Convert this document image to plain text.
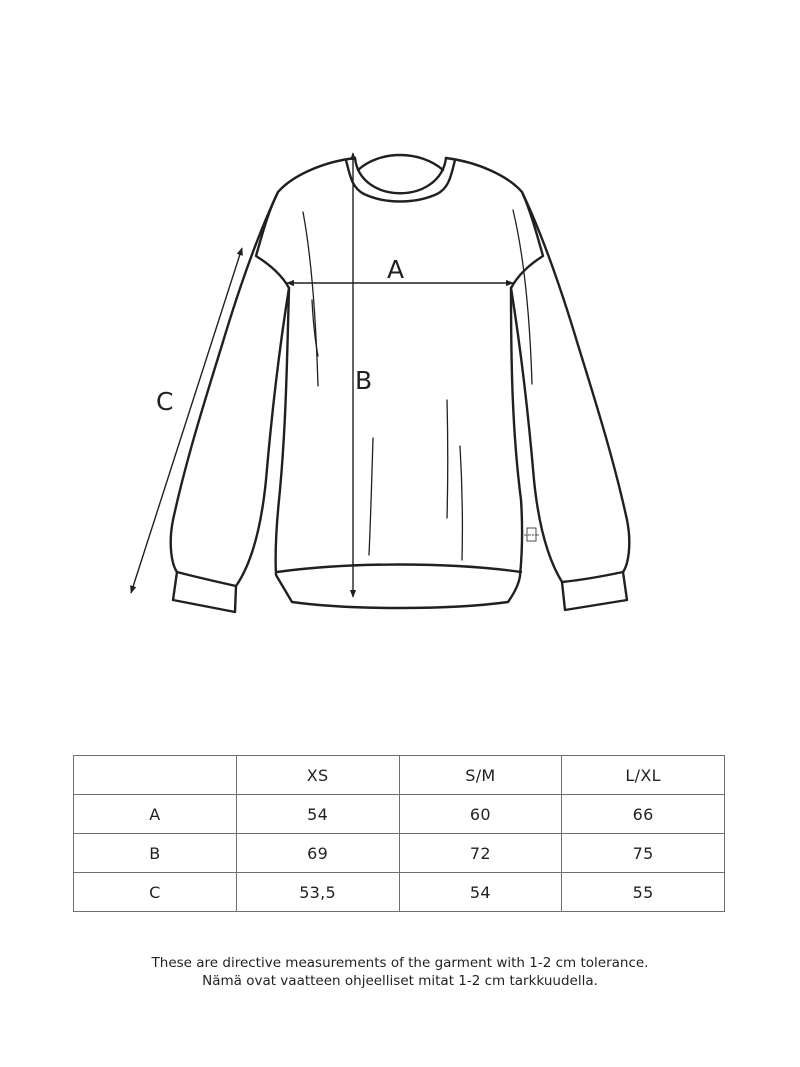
MADE IN FIN
A
B
C
	XS	S/M	L/XL
A	54	60	66
B	69	72	75
C	53,5	54	55
These are directive measurements of the garment with 1-2 cm tolerance.
Nämä ovat vaatteen ohjeelliset mitat 1-2 cm tarkkuudella.
